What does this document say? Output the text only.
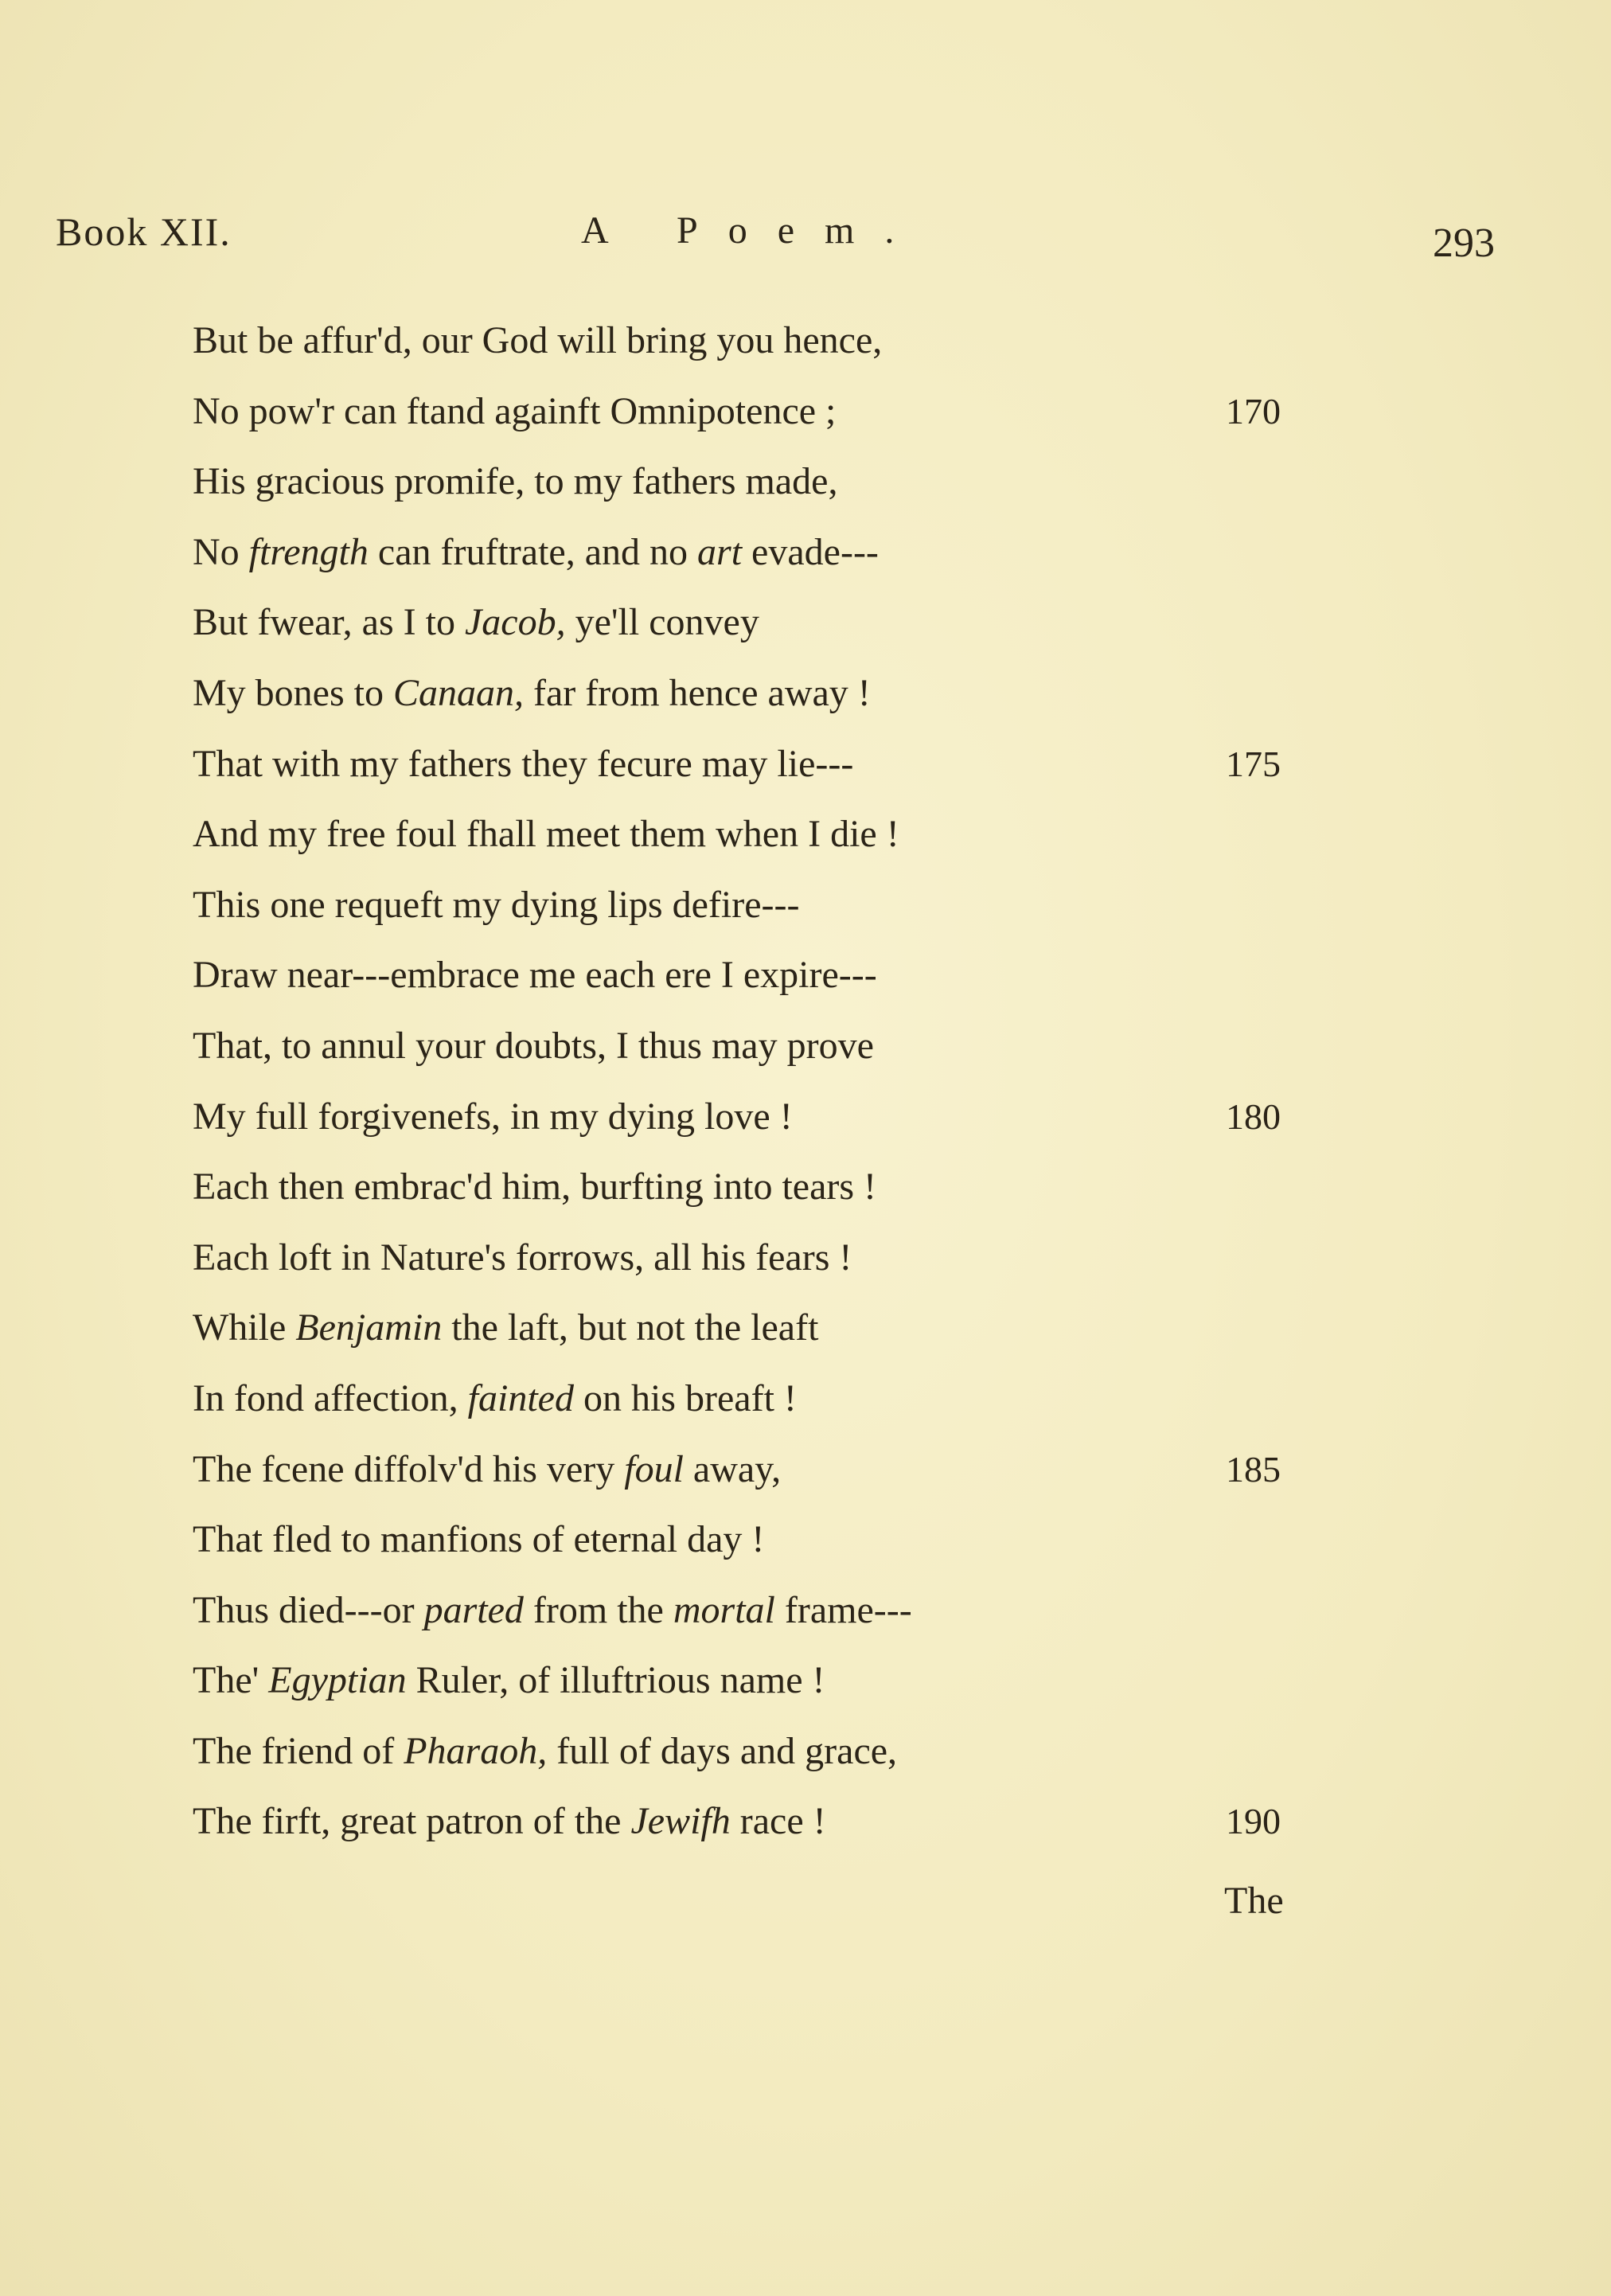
Book XII.	A Poem.	293
But be affur'd, our God will bring you hence,
No pow'r can ftand againft Omnipotence ;	170
His gracious promife, to my fathers made,
No ftrength can fruftrate, and no art evade---
But fwear, as I to Jacob, ye'll convey
My bones to Canaan, far from hence away !
That with my fathers they fecure may lie---	175
And my free foul fhall meet them when I die !
This one requeft my dying lips defire---
Draw near---embrace me each ere I expire---
That, to annul your doubts, I thus may prove
My full forgivenefs, in my dying love !	180
Each then embrac'd him, burfting into tears !
Each loft in Nature's forrows, all his fears !
While Benjamin the laft, but not the leaft
In fond affection, fainted on his breaft !
The fcene diffolv'd his very foul away,	185
That fled to manfions of eternal day !
Thus died---or parted from the mortal frame---
The' Egyptian Ruler, of illuftrious name !
The friend of Pharaoh, full of days and grace,
The firft, great patron of the Jewifh race !	190
The
